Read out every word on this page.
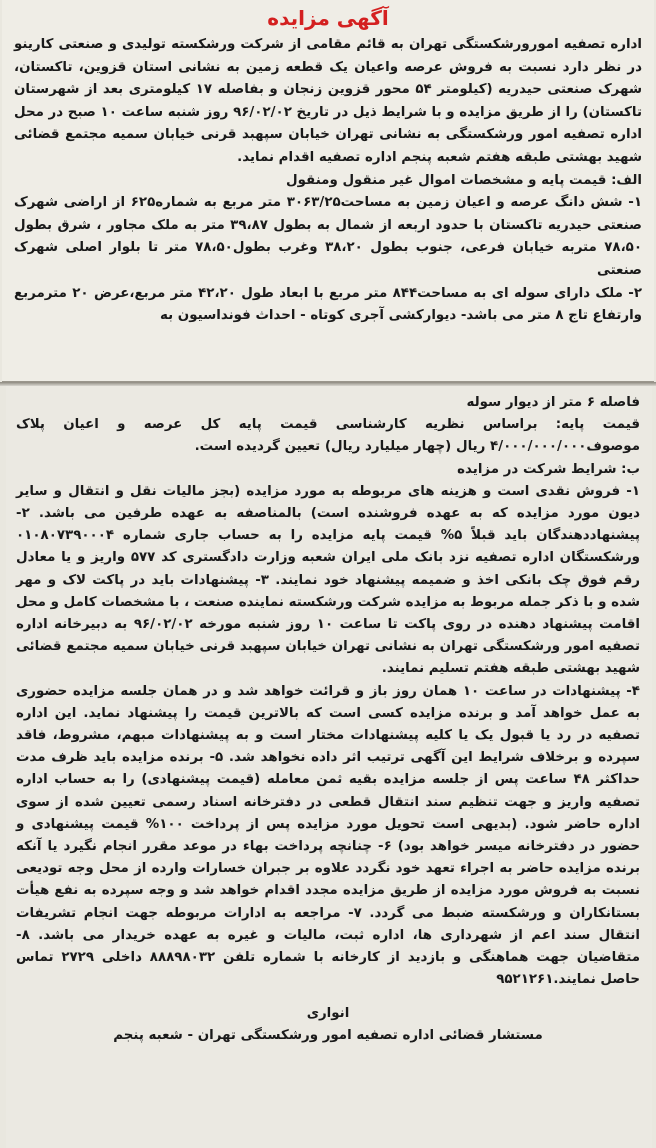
آگهی مزایده

اداره تصفیه امورورشکستگی تهران به قائم مقامی از شرکت ورشکسته تولیدی و صنعتی کارینو در نظر دارد نسبت به فروش عرصه واعیان یک قطعه زمین به نشانی استان قزوین، تاکستان، شهرک صنعتی حیدریه (کیلومتر ۵۴ محور قزوین زنجان و بفاصله ۱۷ کیلومتری بعد از شهرستان تاکستان) را از طریق مزایده و با شرایط ذیل در تاریخ ۹۶/۰۲/۰۲ روز شنبه ساعت ۱۰ صبح در محل اداره تصفیه امور ورشکستگی به نشانی تهران خیابان سپهبد قرنی خیابان سمیه مجتمع قضائی شهید بهشتی طبقه هفتم شعبه پنجم اداره تصفیه اقدام نماید.

الف: قیمت پایه و مشخصات اموال غیر منقول ومنقول

۱- شش دانگ عرصه و اعیان زمین به مساحت۳۰۶۳/۲۵ متر مربع به شماره۶۲۵ از اراضی شهرک صنعتی حیدریه تاکستان با حدود اربعه از شمال به بطول ۳۹،۸۷ متر به ملک مجاور ، شرق بطول ۷۸،۵۰ متربه خیابان فرعی، جنوب بطول ۳۸،۲۰ وغرب بطول۷۸،۵۰ متر تا بلوار اصلی شهرک صنعتی

۲- ملک دارای سوله ای به مساحت۸۴۴ متر مربع با ابعاد طول ۴۲،۲۰ متر مربع،عرض ۲۰ مترمربع وارتفاع تاج ۸ متر می باشد- دیوارکشی آجری کوتاه - احداث فونداسیون به

فاصله ۶ متر از دیوار سوله

قیمت پایه: براساس نظریه کارشناسی قیمت پایه کل عرصه و اعیان پلاک موصوف۴/۰۰۰/۰۰۰/۰۰۰ ریال (چهار میلیارد ریال) تعیین گردیده است.

ب: شرایط شرکت در مزایده

۱- فروش نقدی است و هزینه های مربوطه به مورد مزایده (بجز مالیات نقل و انتقال و سایر دیون مورد مزایده که به عهده فروشنده است) بالمناصفه به عهده طرفین می باشد. ۲- پیشنهاددهندگان باید قبلاً ۵% قیمت پایه مزایده را به حساب جاری شماره ۰۱۰۸۰۷۳۹۰۰۰۴ ورشکستگان اداره تصفیه نزد بانک ملی ایران شعبه وزارت دادگستری کد ۵۷۷ واریز و یا معادل رقم فوق چک بانکی اخذ و ضمیمه پیشنهاد خود نمایند. ۳- پیشنهادات باید در پاکت لاک و مهر شده و با ذکر جمله مربوط به مزایده شرکت ورشکسته نماینده صنعت ، با مشخصات کامل و محل اقامت پیشنهاد دهنده در روی پاکت تا ساعت ۱۰ روز شنبه مورخه ۹۶/۰۲/۰۲ به دبیرخانه اداره تصفیه امور ورشکستگی تهران به نشانی تهران خیابان سپهبد قرنی خیابان سمیه مجتمع قضائی شهید بهشتی طبقه هفتم تسلیم نمایند.

۴- پیشنهادات در ساعت ۱۰ همان روز باز و قرائت خواهد شد و در همان جلسه مزایده حضوری به عمل خواهد آمد و برنده مزایده کسی است که بالاترین قیمت را پیشنهاد نماید. این اداره تصفیه در رد یا قبول یک یا کلیه پیشنهادات مختار است و به پیشنهادات مبهم، مشروط، فاقد سپرده و برخلاف شرایط این آگهی ترتیب اثر داده نخواهد شد. ۵- برنده مزایده باید ظرف مدت حداکثر ۴۸ ساعت پس از جلسه مزایده بقیه ثمن معامله (قیمت پیشنهادی) را به حساب اداره تصفیه واریز و جهت تنظیم سند انتقال قطعی در دفترخانه اسناد رسمی تعیین شده از سوی اداره حاضر شود. (بدیهی است تحویل مورد مزایده پس از پرداخت ۱۰۰% قیمت پیشنهادی و حضور در دفترخانه میسر خواهد بود) ۶- چنانچه پرداخت بهاء در موعد مقرر انجام نگیرد یا آنکه برنده مزایده حاضر به اجراء تعهد خود نگردد علاوه بر جبران خسارات وارده از محل وجه تودیعی نسبت به فروش مورد مزایده از طریق مزایده مجدد اقدام خواهد شد و وجه سپرده به نفع هیأت بستانکاران و ورشکسته ضبط می گردد. ۷- مراجعه به ادارات مربوطه جهت انجام تشریفات انتقال سند اعم از شهرداری ها، اداره ثبت، مالیات و غیره به عهده خریدار می باشد. ۸- متقاضیان جهت هماهنگی و بازدید از کارخانه با شماره تلفن ۸۸۸۹۸۰۳۲ داخلی ۲۷۲۹ تماس حاصل نمایند.۹۵۲۱۲۶۱

انواری

مستشار قضائی اداره تصفیه امور ورشکستگی تهران - شعبه پنجم
